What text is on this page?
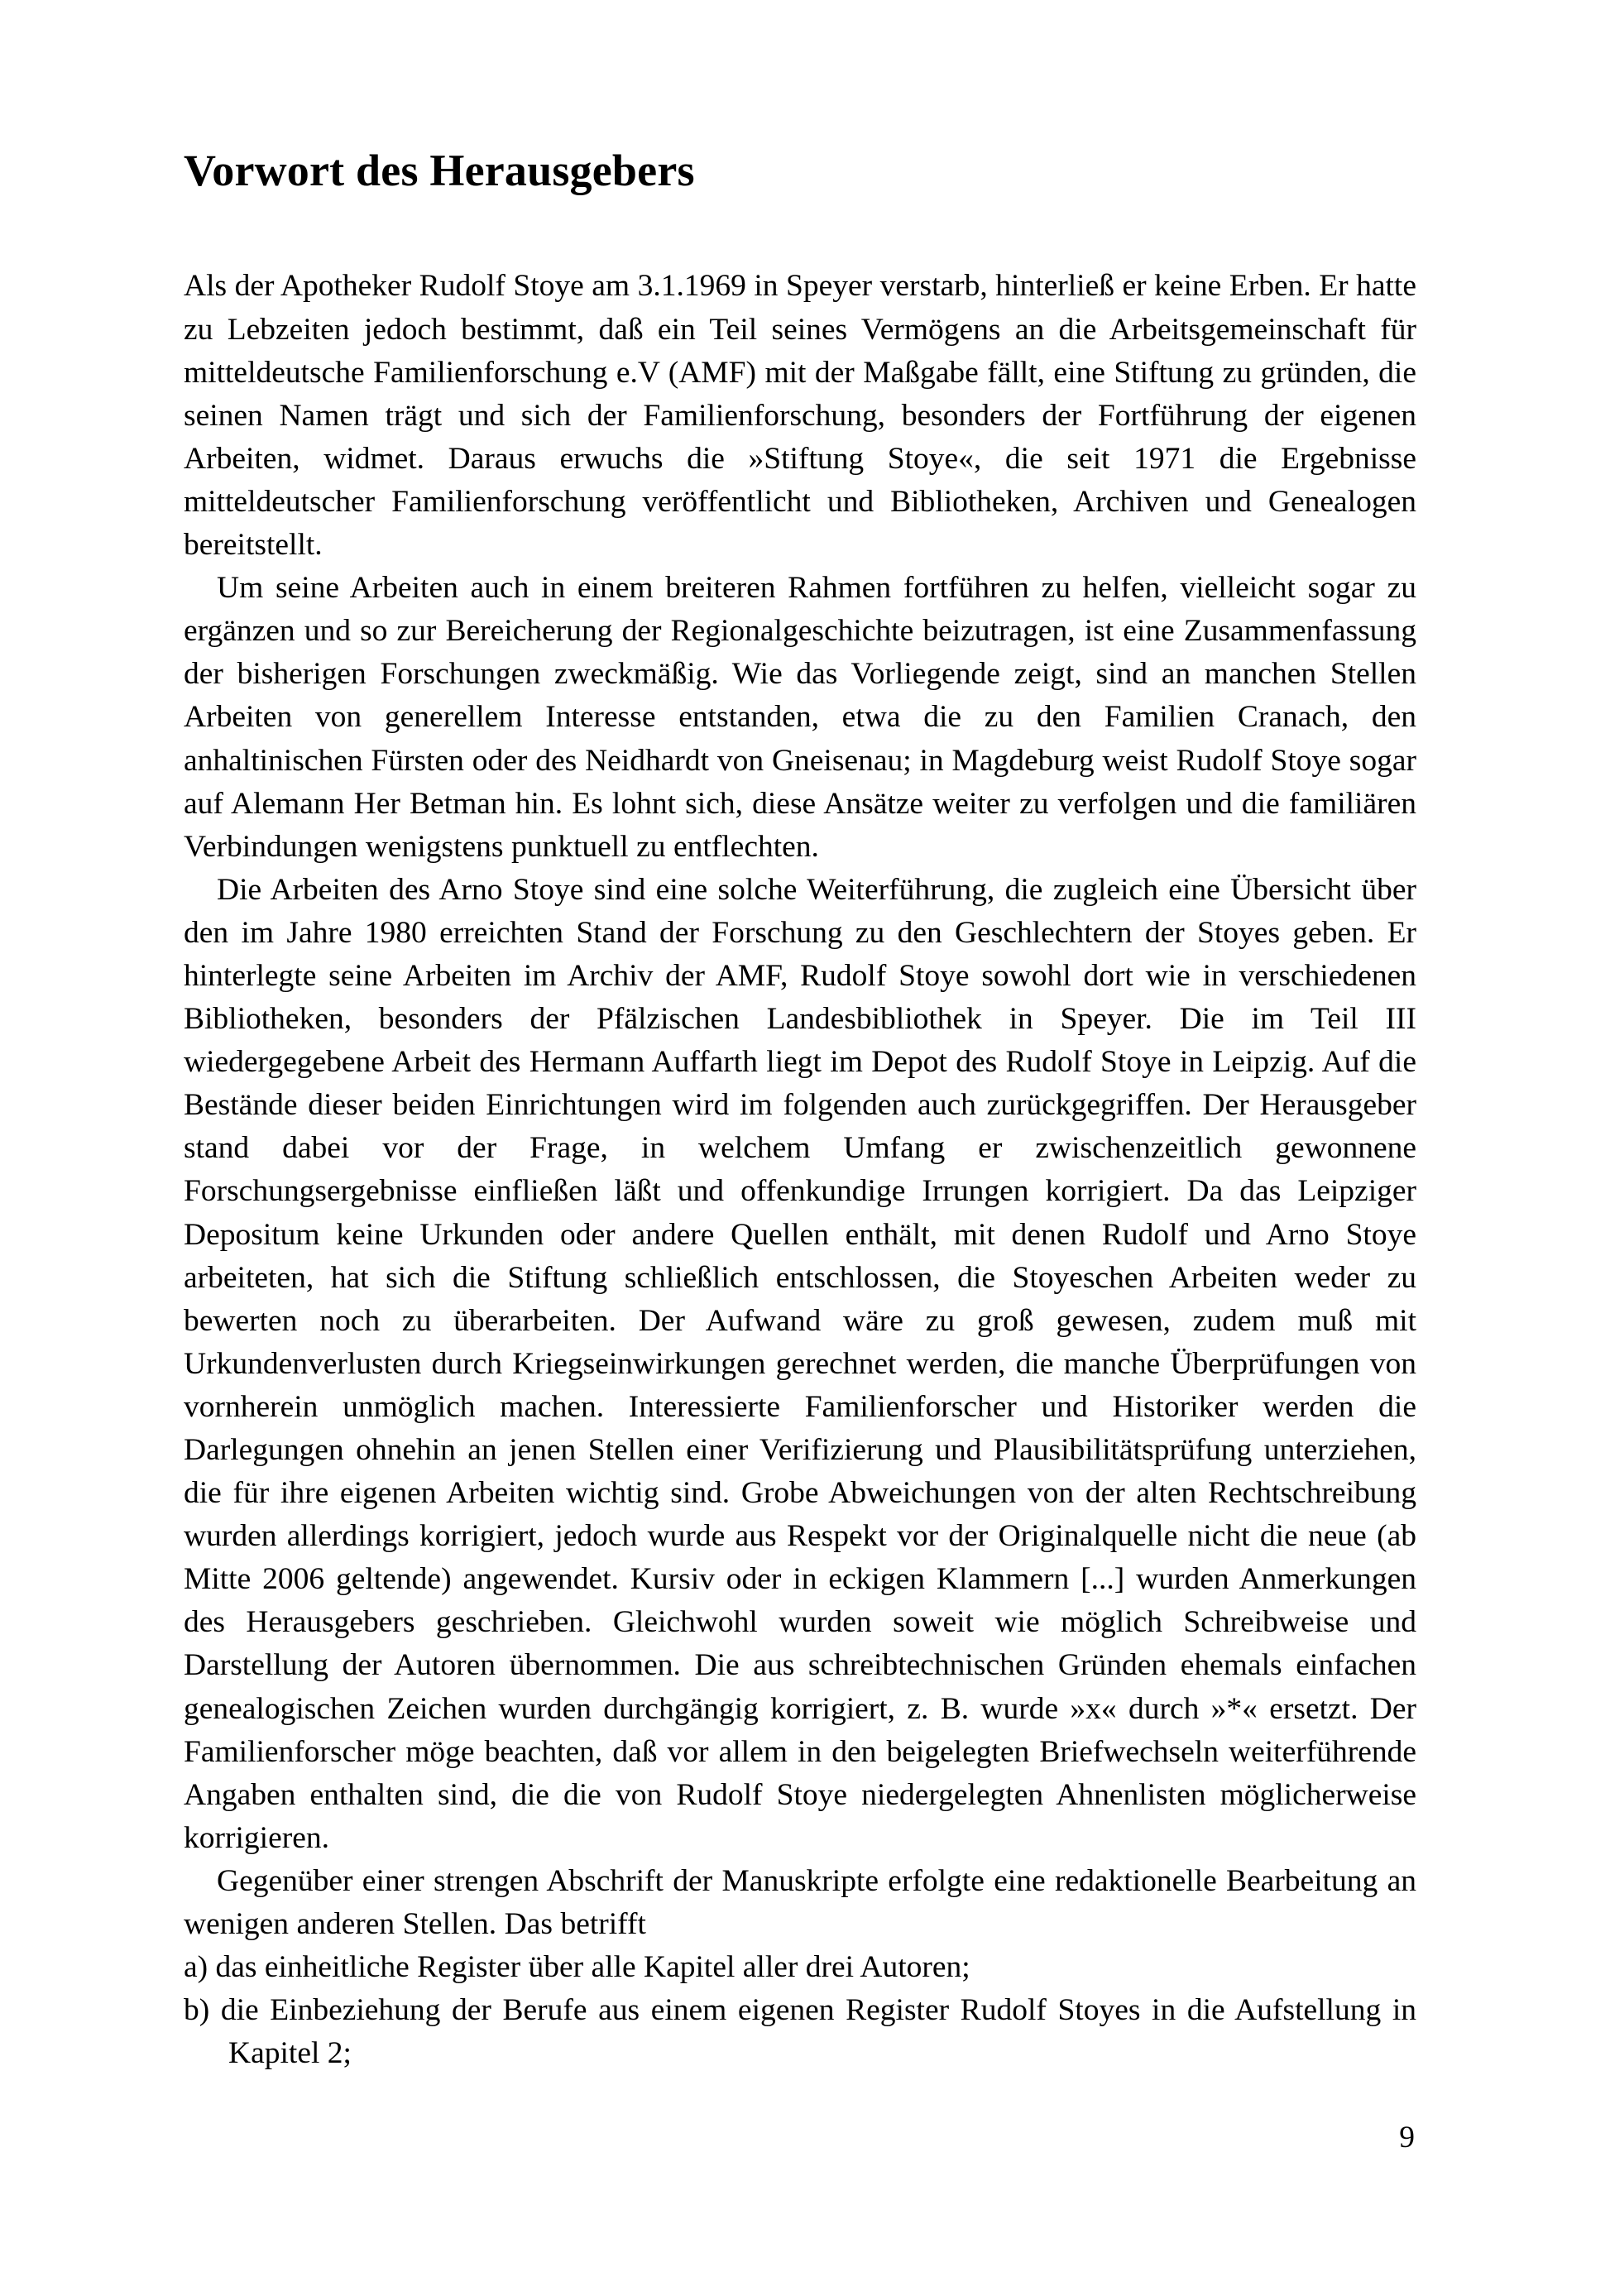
Vorwort des Herausgebers

Als der Apotheker Rudolf Stoye am 3.1.1969 in Speyer verstarb, hinterließ er keine Erben. Er hatte zu Lebzeiten jedoch bestimmt, daß ein Teil seines Vermögens an die Arbeitsgemeinschaft für mitteldeutsche Familienforschung e.V (AMF) mit der Maßgabe fällt, eine Stiftung zu gründen, die seinen Namen trägt und sich der Familienforschung, besonders der Fortführung der eigenen Arbeiten, widmet. Daraus erwuchs die »Stiftung Stoye«, die seit 1971 die Ergebnisse mitteldeutscher Familienforschung veröffentlicht und Bibliotheken, Archiven und Genealogen bereitstellt.

Um seine Arbeiten auch in einem breiteren Rahmen fortführen zu helfen, vielleicht sogar zu ergänzen und so zur Bereicherung der Regionalgeschichte beizutragen, ist eine Zusammenfassung der bisherigen Forschungen zweckmäßig. Wie das Vorliegende zeigt, sind an manchen Stellen Arbeiten von generellem Interesse entstanden, etwa die zu den Familien Cranach, den anhaltinischen Fürsten oder des Neidhardt von Gneisenau; in Magdeburg weist Rudolf Stoye sogar auf Alemann Her Betman hin. Es lohnt sich, diese Ansätze weiter zu verfolgen und die familiären Verbindungen wenigstens punktuell zu entflechten.

Die Arbeiten des Arno Stoye sind eine solche Weiterführung, die zugleich eine Übersicht über den im Jahre 1980 erreichten Stand der Forschung zu den Geschlechtern der Stoyes geben. Er hinterlegte seine Arbeiten im Archiv der AMF, Rudolf Stoye sowohl dort wie in verschiedenen Bibliotheken, besonders der Pfälzischen Landesbibliothek in Speyer. Die im Teil III wiedergegebene Arbeit des Hermann Auffarth liegt im Depot des Rudolf Stoye in Leipzig. Auf die Bestände dieser beiden Einrichtungen wird im folgenden auch zurückgegriffen. Der Herausgeber stand dabei vor der Frage, in welchem Umfang er zwischenzeitlich gewonnene Forschungsergebnisse einfließen läßt und offenkundige Irrungen korrigiert. Da das Leipziger Depositum keine Urkunden oder andere Quellen enthält, mit denen Rudolf und Arno Stoye arbeiteten, hat sich die Stiftung schließlich entschlossen, die Stoyeschen Arbeiten weder zu bewerten noch zu überarbeiten. Der Aufwand wäre zu groß gewesen, zudem muß mit Urkundenverlusten durch Kriegseinwirkungen gerechnet werden, die manche Überprüfungen von vornherein unmöglich machen. Interessierte Familienforscher und Historiker werden die Darlegungen ohnehin an jenen Stellen einer Verifizierung und Plausibilitätsprüfung unterziehen, die für ihre eigenen Arbeiten wichtig sind. Grobe Abweichungen von der alten Rechtschreibung wurden allerdings korrigiert, jedoch wurde aus Respekt vor der Originalquelle nicht die neue (ab Mitte 2006 geltende) angewendet. Kursiv oder in eckigen Klammern [...] wurden Anmerkungen des Herausgebers geschrieben. Gleichwohl wurden soweit wie möglich Schreibweise und Darstellung der Autoren übernommen. Die aus schreibtechnischen Gründen ehemals einfachen genealogischen Zeichen wurden durchgängig korrigiert, z. B. wurde »x« durch »*« ersetzt. Der Familienforscher möge beachten, daß vor allem in den beigelegten Briefwechseln weiterführende Angaben enthalten sind, die die von Rudolf Stoye niedergelegten Ahnenlisten möglicherweise korrigieren.

Gegenüber einer strengen Abschrift der Manuskripte erfolgte eine redaktionelle Bearbeitung an wenigen anderen Stellen. Das betrifft

a) das einheitliche Register über alle Kapitel aller drei Autoren;

b) die Einbeziehung der Berufe aus einem eigenen Register Rudolf Stoyes in die Aufstellung in Kapitel 2;

9
